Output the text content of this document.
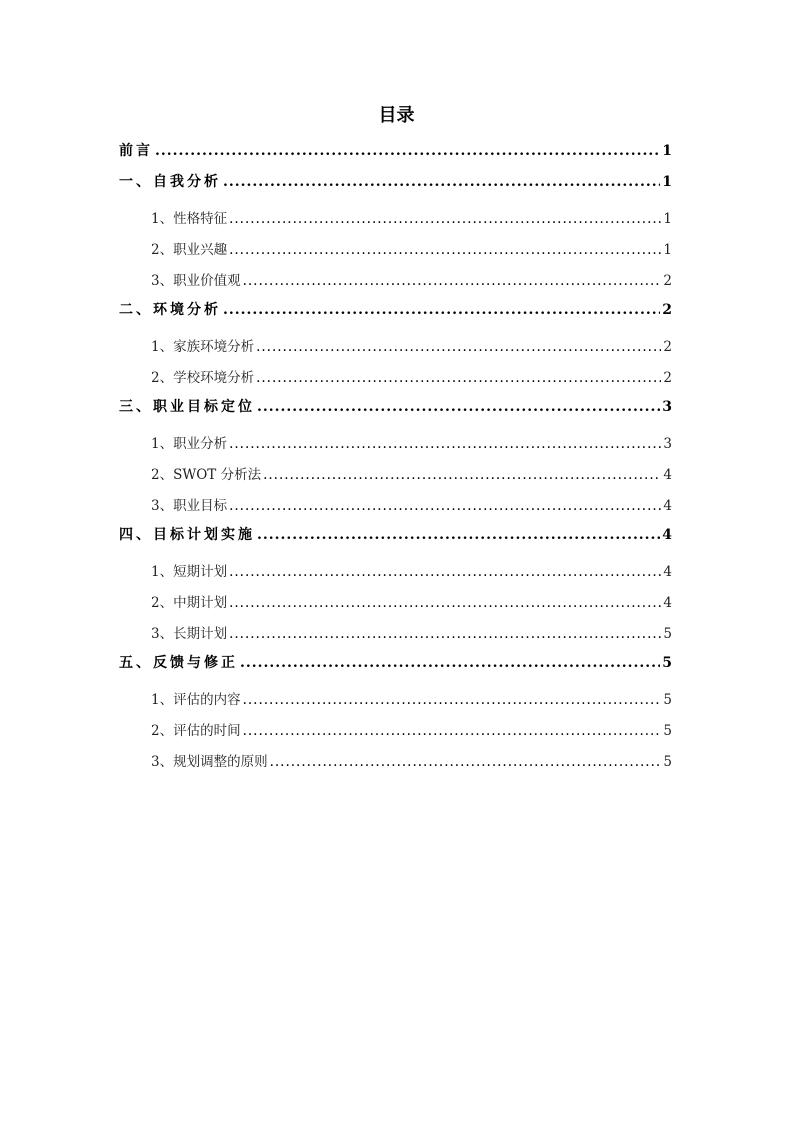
目录
前言 .....	1
一、自我分析 .....	1
1、性格特征 .....	1
2、职业兴趣 .....	1
3、职业价值观 .....	2
二、环境分析 .....	2
1、家族环境分析 .....	2
2、学校环境分析 .....	2
三、职业目标定位 .....	3
1、职业分析 .....	3
2、SWOT 分析法 .....	4
3、职业目标 .....	4
四、目标计划实施 .....	4
1、短期计划 .....	4
2、中期计划 .....	4
3、长期计划 .....	5
五、反馈与修正 .....	5
1、评估的内容 .....	5
2、评估的时间 .....	5
3、规划调整的原则 .....	5
